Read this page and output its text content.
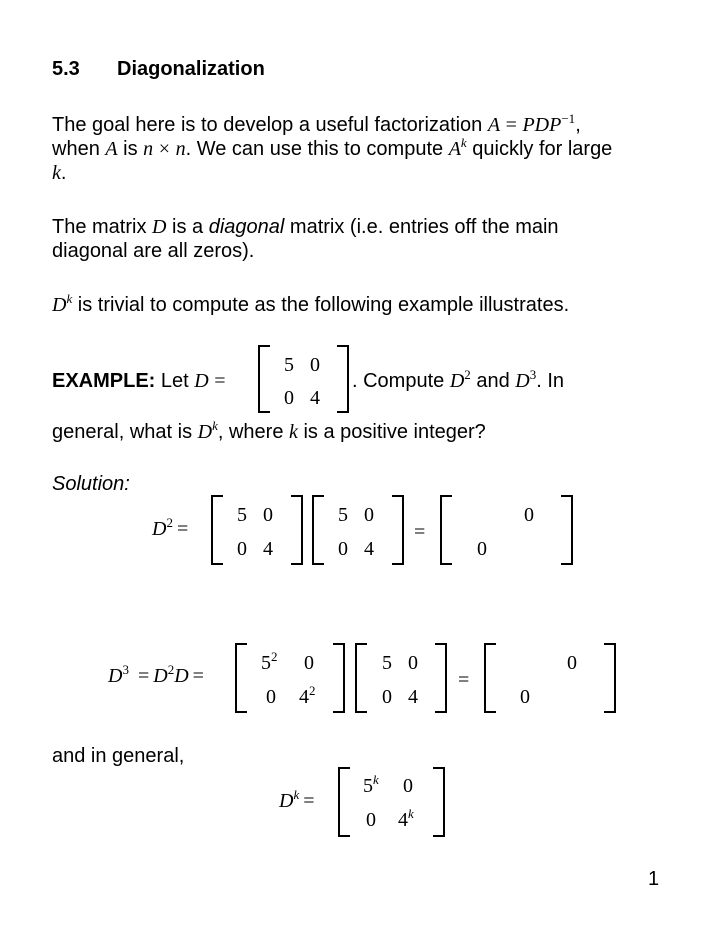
5.3 Diagonalization
The goal here is to develop a useful factorization $A = PDP^{-1}$,
when A is n × n. We can use this to compute $A^k$ quickly for large
k.
The matrix D is a diagonal matrix (i.e. entries off the main
diagonal are all zeros).
$D^k$ is trivial to compute as the following example illustrates.
EXAMPLE: Let D =
5 0
0 4
. Compute $D^2$ and $D^3$. In
general, what is $D^k$, where k is a positive integer?
Solution:
$D^2$ =
5 0
0 4
5 0
0 4
=
0
0
$D^3 = D^2D$ =
$5^2$ 0
0 $4^2$
5 0
0 4
=
0
0
and in general,
$D^k$ =
$5^k$ 0
0 4$^k$
1
